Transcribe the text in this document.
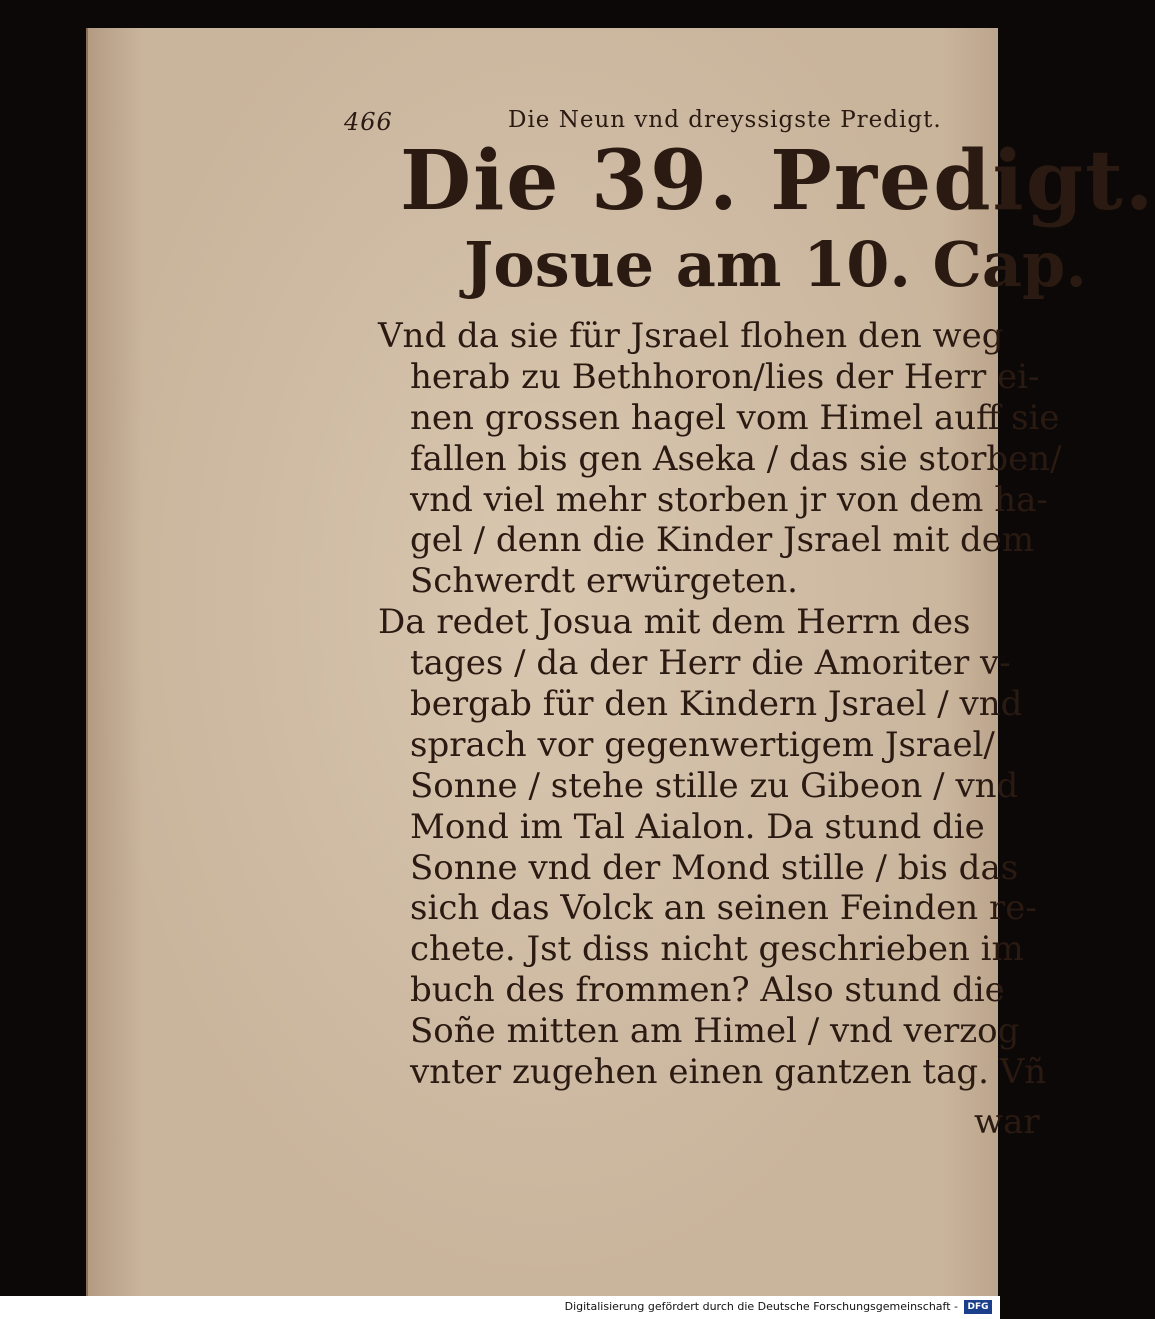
466	Die Neun vnd dreyssigste Predigt.
Die 39. Predigt.
Josue am 10. Cap.
Vnd da sie für Jsrael flohen den weg
herab zu Bethhoron/lies der Herr ei-
nen grossen hagel vom Himel auff sie
fallen bis gen Aseka / das sie storben/
vnd viel mehr storben jr von dem ha-
gel / denn die Kinder Jsrael mit dem
Schwerdt erwürgeten.
Da redet Josua mit dem Herrn des
tages / da der Herr die Amoriter v-
bergab für den Kindern Jsrael / vnd
sprach vor gegenwertigem Jsrael/
Sonne / stehe stille zu Gibeon / vnd
Mond im Tal Aialon. Da stund die
Sonne vnd der Mond stille / bis das
sich das Volck an seinen Feinden re-
chete. Jst diss nicht geschrieben im
buch des frommen? Also stund die
Soñe mitten am Himel / vnd verzog
vnter zugehen einen gantzen tag. Vñ
war
Digitalisierung gefördert durch die Deutsche Forschungsgemeinschaft -	DFG
